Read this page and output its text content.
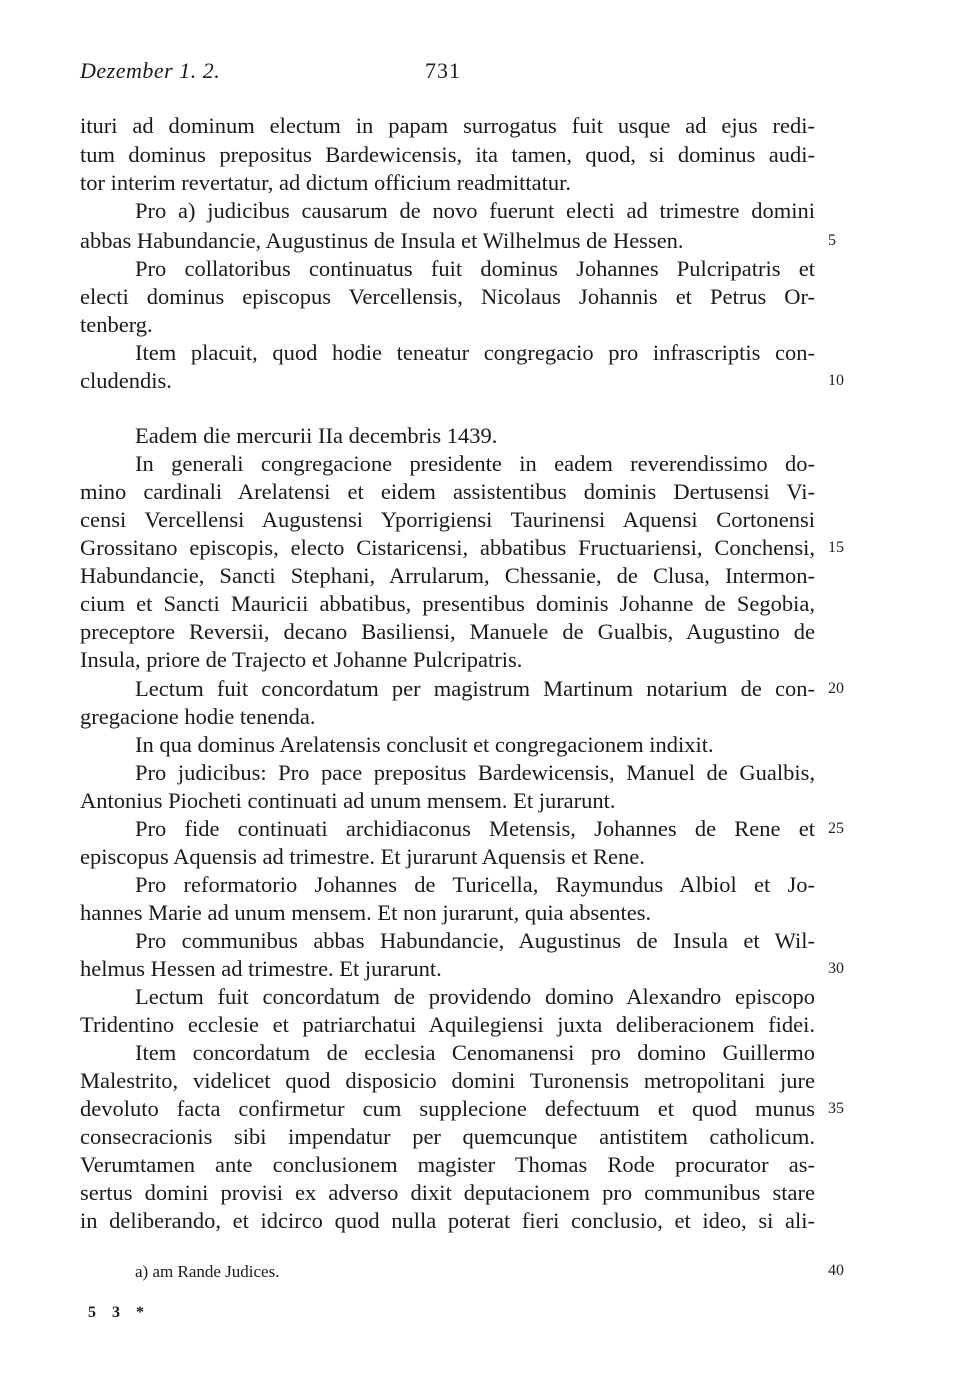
Dezember 1. 2.	731
ituri ad dominum electum in papam surrogatus fuit usque ad ejus redi-
tum dominus prepositus Bardewicensis, ita tamen, quod, si dominus audi-
tor interim revertatur, ad dictum officium readmittatur.
Pro a) judicibus causarum de novo fuerunt electi ad trimestre domini
abbas Habundancie, Augustinus de Insula et Wilhelmus de Hessen.	5
Pro collatoribus continuatus fuit dominus Johannes Pulcripatris et
electi dominus episcopus Vercellensis, Nicolaus Johannis et Petrus Or-
tenberg.
Item placuit, quod hodie teneatur congregacio pro infrascriptis con-
cludendis.	10
Eadem die mercurii IIa decembris 1439.
In generali congregacione presidente in eadem reverendissimo do-
mino cardinali Arelatensi et eidem assistentibus dominis Dertusensi Vi-
censi Vercellensi Augustensi Yporrigiensi Taurinensi Aquensi Cortonensi
Grossitano episcopis, electo Cistaricensi, abbatibus Fructuariensi, Conchensi, 15
Habundancie, Sancti Stephani, Arrularum, Chessanie, de Clusa, Intermon-
cium et Sancti Mauricii abbatibus, presentibus dominis Johanne de Segobia,
preceptore Reversii, decano Basiliensi, Manuele de Gualbis, Augustino de
Insula, priore de Trajecto et Johanne Pulcripatris.
Lectum fuit concordatum per magistrum Martinum notarium de con- 20
gregacione hodie tenenda.
In qua dominus Arelatensis conclusit et congregacionem indixit.
Pro judicibus: Pro pace prepositus Bardewicensis, Manuel de Gualbis,
Antonius Piocheti continuati ad unum mensem. Et jurarunt.
Pro fide continuati archidiaconus Metensis, Johannes de Rene et 25
episcopus Aquensis ad trimestre. Et jurarunt Aquensis et Rene.
Pro reformatorio Johannes de Turicella, Raymundus Albiol et Jo-
hannes Marie ad unum mensem. Et non jurarunt, quia absentes.
Pro communibus abbas Habundancie, Augustinus de Insula et Wil-
helmus Hessen ad trimestre. Et jurarunt.	30
Lectum fuit concordatum de providendo domino Alexandro episcopo
Tridentino ecclesie et patriarchatui Aquilegiensi juxta deliberacionem fidei.
Item concordatum de ecclesia Cenomanensi pro domino Guillermo
Malestrito, videlicet quod disposicio domini Turonensis metropolitani jure
devoluto facta confirmetur cum supplecione defectuum et quod munus 35
consecracionis sibi impendatur per quemcunque antistitem catholicum.
Verumtamen ante conclusionem magister Thomas Rode procurator as-
sertus domini provisi ex adverso dixit deputacionem pro communibus stare
in deliberando, et idcirco quod nulla poterat fieri conclusio, et ideo, si ali-
a) am Rande Judices.	40
5 3 *
